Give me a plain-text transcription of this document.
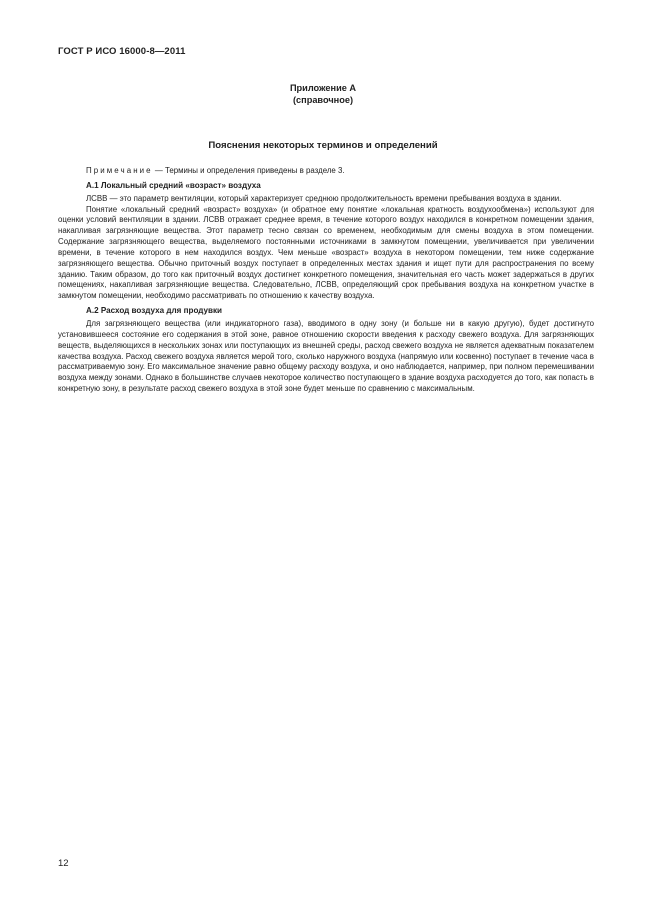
ГОСТ Р ИСО 16000-8—2011
Приложение А
(справочное)
Пояснения некоторых терминов и определений
Примечание — Термины и определения приведены в разделе 3.
А.1 Локальный средний «возраст» воздуха

ЛСВВ — это параметр вентиляции, который характеризует среднюю продолжительность времени пребывания воздуха в здании.

Понятие «локальный средний «возраст» воздуха» (и обратное ему понятие «локальная кратность воздухообмена») используют для оценки условий вентиляции в здании. ЛСВВ отражает среднее время, в течение которого воздух находился в конкретном помещении здания, накапливая загрязняющие вещества. Этот параметр тесно связан со временем, необходимым для смены воздуха в этом помещении. Содержание загрязняющего вещества, выделяемого постоянными источниками в замкнутом помещении, увеличивается при увеличении времени, в течение которого в нем находился воздух. Чем меньше «возраст» воздуха в некотором помещении, тем ниже содержание загрязняющего вещества. Обычно приточный воздух поступает в определенных местах здания и ищет пути для распространения по всему зданию. Таким образом, до того как приточный воздух достигнет конкретного помещения, значительная его часть может задержаться в других помещениях, накапливая загрязняющие вещества. Следовательно, ЛСВВ, определяющий срок пребывания воздуха на конкретном участке в замкнутом помещении, необходимо рассматривать по отношению к качеству воздуха.

А.2 Расход воздуха для продувки

Для загрязняющего вещества (или индикаторного газа), вводимого в одну зону (и больше ни в какую другую), будет достигнуто установившееся состояние его содержания в этой зоне, равное отношению скорости введения к расходу свежего воздуха. Для загрязняющих веществ, выделяющихся в нескольких зонах или поступающих из внешней среды, расход свежего воздуха не является адекватным показателем качества воздуха. Расход свежего воздуха является мерой того, сколько наружного воздуха (напрямую или косвенно) поступает в течение часа в рассматриваемую зону. Его максимальное значение равно общему расходу воздуха, и оно наблюдается, например, при полном перемешивании воздуха между зонами. Однако в большинстве случаев некоторое количество поступающего в здание воздуха расходуется до того, как попасть в конкретную зону, в результате расход свежего воздуха в этой зоне будет меньше по сравнению с максимальным.

12
